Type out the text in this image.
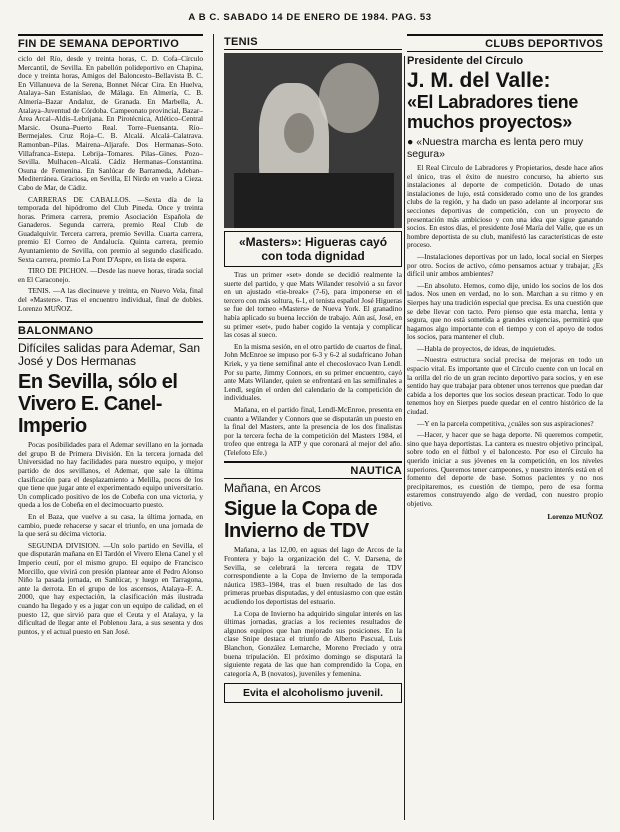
A B C. SABADO 14 DE ENERO DE 1984. PAG. 53
FIN DE SEMANA DEPORTIVO

ciclo del Río, desde y treinta horas, C. D. Cofa–Círculo Mercantil, de Sevilla. En pabellón polideportivo en Chapina, doce y treinta horas, Amigos del Baloncesto–Bellavista B. C. En Villanueva de la Serena, Bonnet Nécar Cira. En Huelva, Atalaya–San Estanislao, de Málaga. En Almería, C. B. Almería–Bazar Andaluz, de Granada. En Marbella, A. Atalaya–Juventud de Córdoba. Campeonato provincial, Bazar–Área Arcal–Aldis–Lebrijana. En Pirotécnica, Atlético–Central Marsic. Osuna–Puerto Real. Torre–Fuensanta. Río–Bermejales. Cruz Roja–C. B. Alcalá. Alcalá–Calatrava. Ramonban–Pilas. Mairena–Aljarafe. Dos Hermanas–Soto. Villafranca–Estepa. Lebrija–Tomares. Pilas–Gines. Pozo–Sevilla. Mulhacen–Alcalá. Cádiz Hermanas–Constantina. Osuna de Femenina. En Sanlúcar de Barrameda, Adeban–Mediterránea. Graciosa, en Sevilla, El Nirdo en vuelo a Cieza. Cabo de Mar, de Cádiz.

CARRERAS DE CABALLOS. —Sexta día de la temporada del hipódromo del Club Pineda. Once y treinta horas. Primera carrera, premio Asociación Española de Ganaderos. Segunda carrera, premio Real Club de Guadalquivir. Tercera carrera, premio Sevilla. Cuarta carrera, premio El Correo de Andalucía. Quinta carrera, premio Ayuntamiento de Sevilla, con premio al segundo clasificado. Sexta carrera, premio La Pont D'Aspre, en lista de espera.

TIRO DE PICHON. —Desde las nueve horas, tirada social en El Caraconejo.

TENIS. —A las diecinueve y treinta, en Nuevo Vela, final del «Masters». Tras el encuentro individual, final de dobles. Lorenzo MUÑOZ.

BALONMANO
Difíciles salidas para Ademar, San José y Dos Hermanas
En Sevilla, sólo el Vivero E. Canel-Imperio

Pocas posibilidades para el Ademar sevillano en la jornada del grupo B de Primera División. En la tercera jornada del Universidad no hay facilidades para nuestro equipo, y mejor partido de dos sevillanos, el Ademar, que sale la última clasificación para el desplazamiento a Melilla, pocos de los que tiene que jugar ante el experimentado equipo universitario. Un complicado positivo de los de Cobeña con una victoria, y queda a los de Cobeña en el decimocuarto puesto.

En el Baza, que vuelve a su casa, la última jornada, en cambio, puede rehacerse y sacar el triunfo, en una jornada de la que será su décima victoria.

SEGUNDA DIVISION. —Un solo partido en Sevilla, el que disputarán mañana en El Tardón el Vivero Elena Canel y el Imperio ceutí, por el mismo grupo. El equipo de Francisco Morcillo, que vivirá con presión plantear ante el Pedro Alonso Niño la pasada jornada, en Sanlúcar, y luego en Tarragona, ante la derrota. En el grupo de los ascensos, Atalaya–F. A. 2000, que hay expectación, la clasificación más ilustrada cuando ha llegado y es a jugar con un equipo de calidad, en el puesto 12, que sirvió para que el Ceuta y el Atalaya, y la dificultad de llegar ante el Poblenou Jara, a sus sesenta y dos puntos, y el actual puesto en San José.

TENIS
«Masters»: Higueras cayó con toda dignidad

Tras un primer «set» donde se decidió realmente la suerte del partido, y que Mats Wilander resolvió a su favor en un ajustado «tie-break» (7-6), para imponerse en el tercero con más soltura, 6-1, el tenista español José Higueras se fue del torneo «Masters» de Nueva York. El granadino había aplicado su buena lección de trabajo. Aún así, José, en su primer «set», pudo haber cogido la ventaja y complicar las cosas al sueco.

En la misma sesión, en el otro partido de cuartos de final, John McEnroe se impuso por 6-3 y 6-2 al sudafricano Johan Kriek, y ya tiene semifinal ante el checoslovaco Ivan Lendl. Por su parte, Jimmy Connors, en su primer encuentro, cayó ante Mats Wilander, quien se enfrentará en las semifinales a Lendl, según el orden del calendario de la competición de individuales.

Mañana, en el partido final, Lendl-McEnroe, presenta en cuanto a Wilander y Connors que se disputarán un puesto en la final del Masters, ante la presencia de los dos finalistas por la tercera fecha de la competición del Masters 1984, el trofeo que entrega la ATP y que coronará al mejor del año. (Telefoto Efe.)

NAUTICA
Mañana, en Arcos
Sigue la Copa de Invierno de TDV

Mañana, a las 12,00, en aguas del lago de Arcos de la Frontera y bajo la organización del C. V. Darsena, de Sevilla, se celebrará la tercera regata de TDV correspondiente a la Copa de Invierno de la temporada náutica 1983–1984, tras el buen resultado de las dos primeras pruebas disputadas, y del entusiasmo con que están acudiendo los deportistas del estuario.

La Copa de Invierno ha adquirido singular interés en las últimas jornadas, gracias a los recientes resultados de algunos equipos que han mejorado sus posiciones. En la clase Snipe destaca el triunfo de Alberto Pascual, Luis Blanchon, González Lemarche, Moreno Preciado y otra buena tripulación. El próximo domingo se disputará la siguiente regata de las que han comprendido la Copa, en categoría A, B (novatos), juveniles y femenina.

Evita el alcoholismo juvenil.
CLUBS DEPORTIVOS
Presidente del Círculo
J. M. del Valle:
«El Labradores tiene muchos proyectos»
● «Nuestra marcha es lenta pero muy segura»

El Real Círculo de Labradores y Propietarios, desde hace años el único, tras el éxito de nuestro concurso, ha abierto sus instalaciones al deporte de competición. Dotado de unas instalaciones de lujo, está considerado como uno de los grandes clubs de la región, y ha dado un paso adelante al incorporar sus secciones deportivas de competición, con un proyecto de presentación más ambicioso y con una idea que sigue ganando socios. En estos días, el presidente José María del Valle, que es un hombre deportista de su club, manifestó las características de este proceso.

—Instalaciones deportivas por un lado, local social en Sierpes por otro. Socios de activo, cómo pensamos actuar y trabajar, ¿Es difícil unir ambos ambientes?

—En absoluto. Hemos, como dije, unido los socios de los dos lados. Nos unen en verdad, no lo son. Marchan a su ritmo y en Sierpes hay una tradición especial que precisa. Es una cuestión que se debe llevar con tacto. Pero pienso que esta marcha, lenta y segura, que no está sometida a grandes exigencias, permitirá que hagamos algo importante con el tiempo y con el apoyo de todos los socios, para mantener el club.

—Habla de proyectos, de ideas, de inquietudes.

—Nuestra estructura social precisa de mejoras en todo un espacio vital. Es importante que el Círculo cuente con un local en la orilla del río de un gran recinto deportivo para socios, y en ese sentido hay que trabajar para obtener unos terrenos que puedan dar cabida a los deportes que los socios desean practicar. Todo lo que tenemos hoy en Sierpes puede quedar en el centro histórico de la ciudad.

—Y en la parcela competitiva, ¿cuáles son sus aspiraciones?

—Hacer, y hacer que se haga deporte. Ni queremos competir, sino que haya deportistas. La cantera es nuestro objetivo principal, sobre todo en el fútbol y el baloncesto. Por eso el Círculo ha querido iniciar a sus jóvenes en la competición, en los niveles superiores. Queremos tener campeones, y nuestro interés está en el fomento del deporte de base. Somos pacientes y no nos precipitaremos, es cuestión de tiempo, pero de esa forma estaremos construyendo algo de verdad, con nuestro propio objetivo.

Lorenzo MUÑOZ
